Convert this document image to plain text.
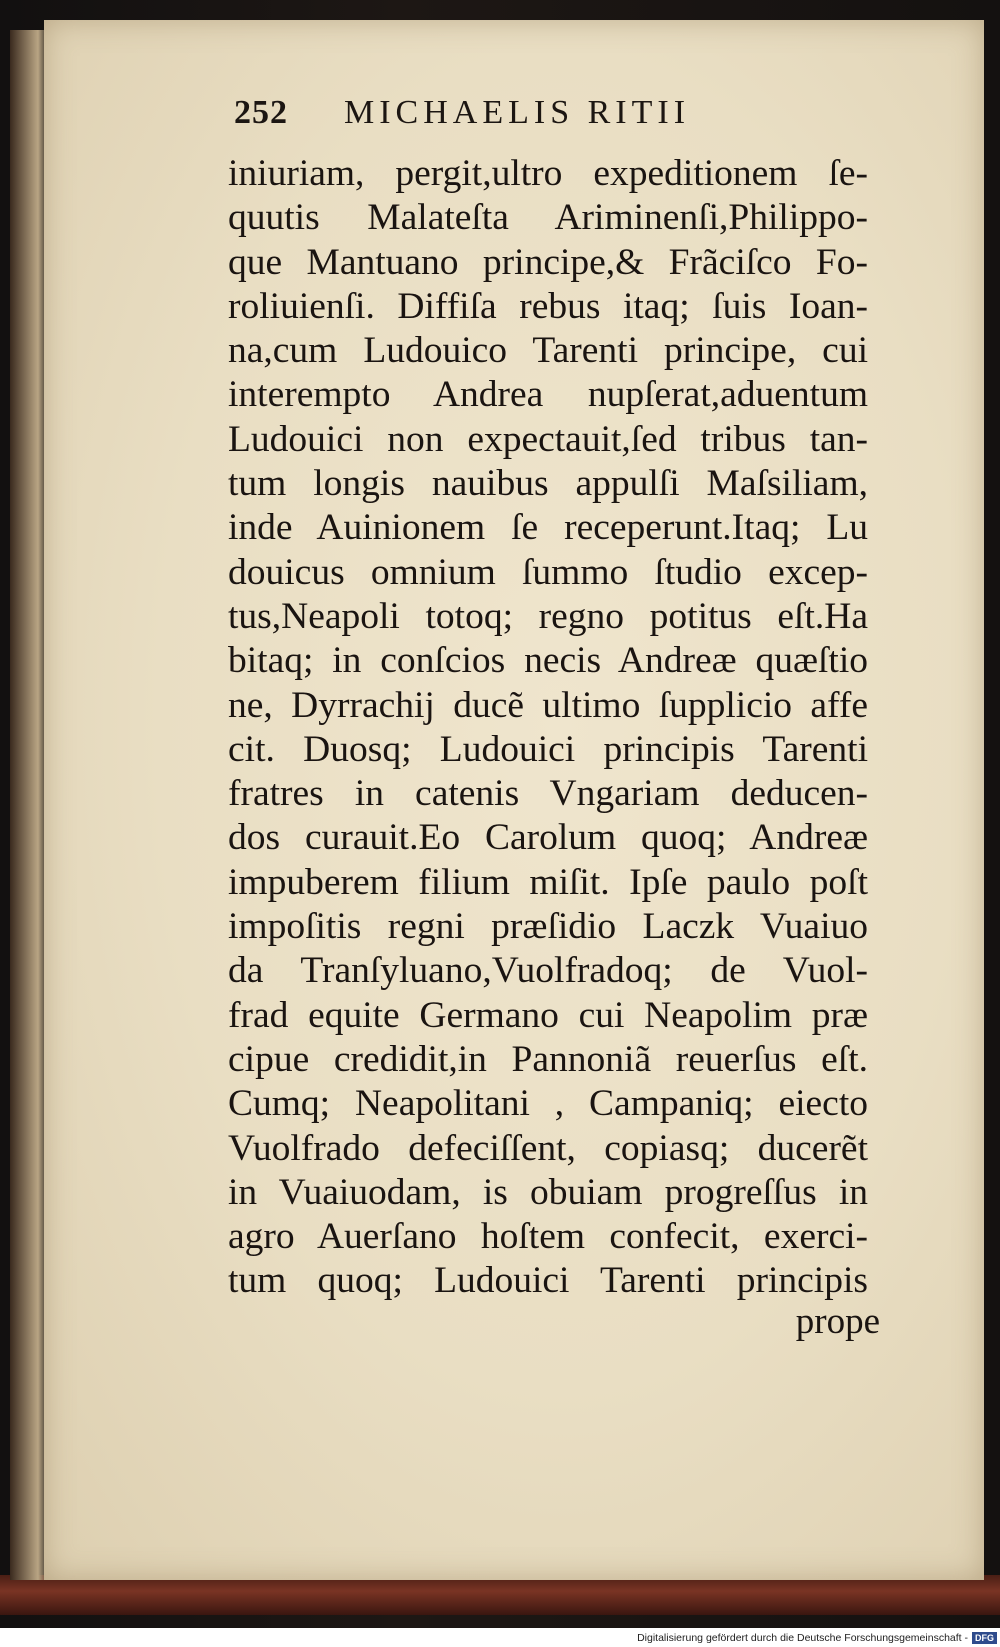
252	MICHAELIS RITII
iniuriam, pergit,ultro expeditionem ſe-
quutis Malateſta Ariminenſi,Philippo-
que Mantuano principe,& Frãciſco Fo-
roliuienſi. Diffiſa rebus itaq; ſuis Ioan-
na,cum Ludouico Tarenti principe, cui
interempto Andrea nupſerat,aduentum
Ludouici non expectauit,ſed tribus tan-
tum longis nauibus appulſi Maſsiliam,
inde Auinionem ſe receperunt.Itaq; Lu
douicus omnium ſummo ſtudio excep-
tus,Neapoli totoq; regno potitus eſt.Ha
bitaq; in conſcios necis Andreæ quæſtio
ne, Dyrrachij ducẽ ultimo ſupplicio affe
cit. Duosq; Ludouici principis Tarenti
fratres in catenis Vngariam deducen-
dos curauit.Eo Carolum quoq; Andreæ
impuberem filium miſit. Ipſe paulo poſt
impoſitis regni præſidio Laczk Vuaiuo
da Tranſyluano,Vuolfradoq; de Vuol-
frad equite Germano cui Neapolim præ
cipue credidit,in Pannoniã reuerſus eſt.
Cumq; Neapolitani , Campaniq; eiecto
Vuolfrado defeciſſent, copiasq; ducerẽt
in Vuaiuodam, is obuiam progreſſus in
agro Auerſano hoſtem confecit, exerci-
tum quoq; Ludouici Tarenti principis
prope
Digitalisierung gefördert durch die Deutsche Forschungsgemeinschaft - DFG
